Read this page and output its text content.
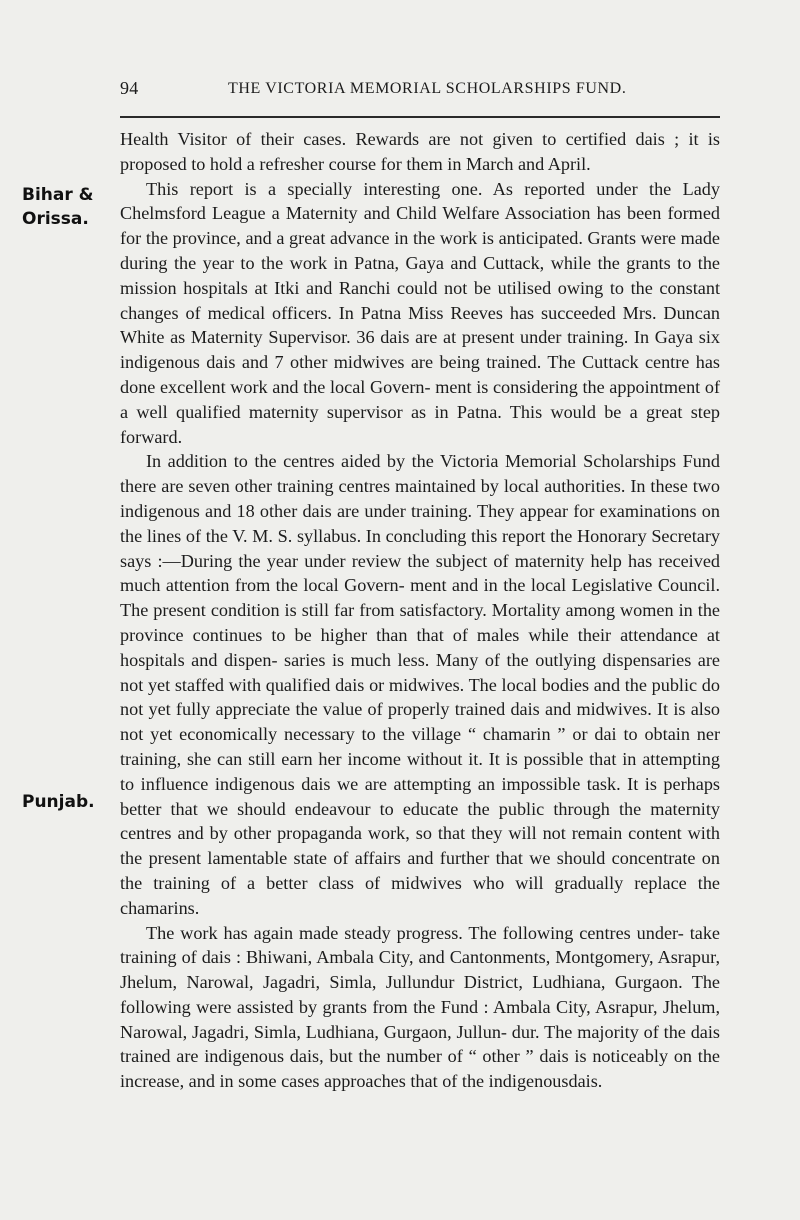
94	THE VICTORIA MEMORIAL SCHOLARSHIPS FUND.
Bihar &
Orissa.
Punjab.

Health Visitor of their cases. Rewards are not given to certified dais ; it is proposed to hold a refresher course for them in March and April.

This report is a specially interesting one. As reported under the Lady Chelmsford League a Maternity and Child Welfare Association has been formed for the province, and a great advance in the work is anticipated. Grants were made during the year to the work in Patna, Gaya and Cuttack, while the grants to the mission hospitals at Itki and Ranchi could not be utilised owing to the constant changes of medical officers. In Patna Miss Reeves has succeeded Mrs. Duncan White as Maternity Supervisor. 36 dais are at present under training. In Gaya six indigenous dais and 7 other midwives are being trained. The Cuttack centre has done excellent work and the local Govern- ment is considering the appointment of a well qualified maternity supervisor as in Patna. This would be a great step forward.

In addition to the centres aided by the Victoria Memorial Scholarships Fund there are seven other training centres maintained by local authorities. In these two indigenous and 18 other dais are under training. They appear for examinations on the lines of the V. M. S. syllabus. In concluding this report the Honorary Secretary says :—During the year under review the subject of maternity help has received much attention from the local Govern- ment and in the local Legislative Council. The present condition is still far from satisfactory. Mortality among women in the province continues to be higher than that of males while their attendance at hospitals and dispen- saries is much less. Many of the outlying dispensaries are not yet staffed with qualified dais or midwives. The local bodies and the public do not yet fully appreciate the value of properly trained dais and midwives. It is also not yet economically necessary to the village “ chamarin ” or dai to obtain ner training, she can still earn her income without it. It is possible that in attempting to influence indigenous dais we are attempting an impossible task. It is perhaps better that we should endeavour to educate the public through the maternity centres and by other propaganda work, so that they will not remain content with the present lamentable state of affairs and further that we should concentrate on the training of a better class of midwives who will gradually replace the chamarins.

The work has again made steady progress. The following centres under- take training of dais : Bhiwani, Ambala City, and Cantonments, Montgomery, Asrapur, Jhelum, Narowal, Jagadri, Simla, Jullundur District, Ludhiana, Gurgaon. The following were assisted by grants from the Fund : Ambala City, Asrapur, Jhelum, Narowal, Jagadri, Simla, Ludhiana, Gurgaon, Jullun- dur. The majority of the dais trained are indigenous dais, but the number of “ other ” dais is noticeably on the increase, and in some cases approaches that of the indigenousdais.
